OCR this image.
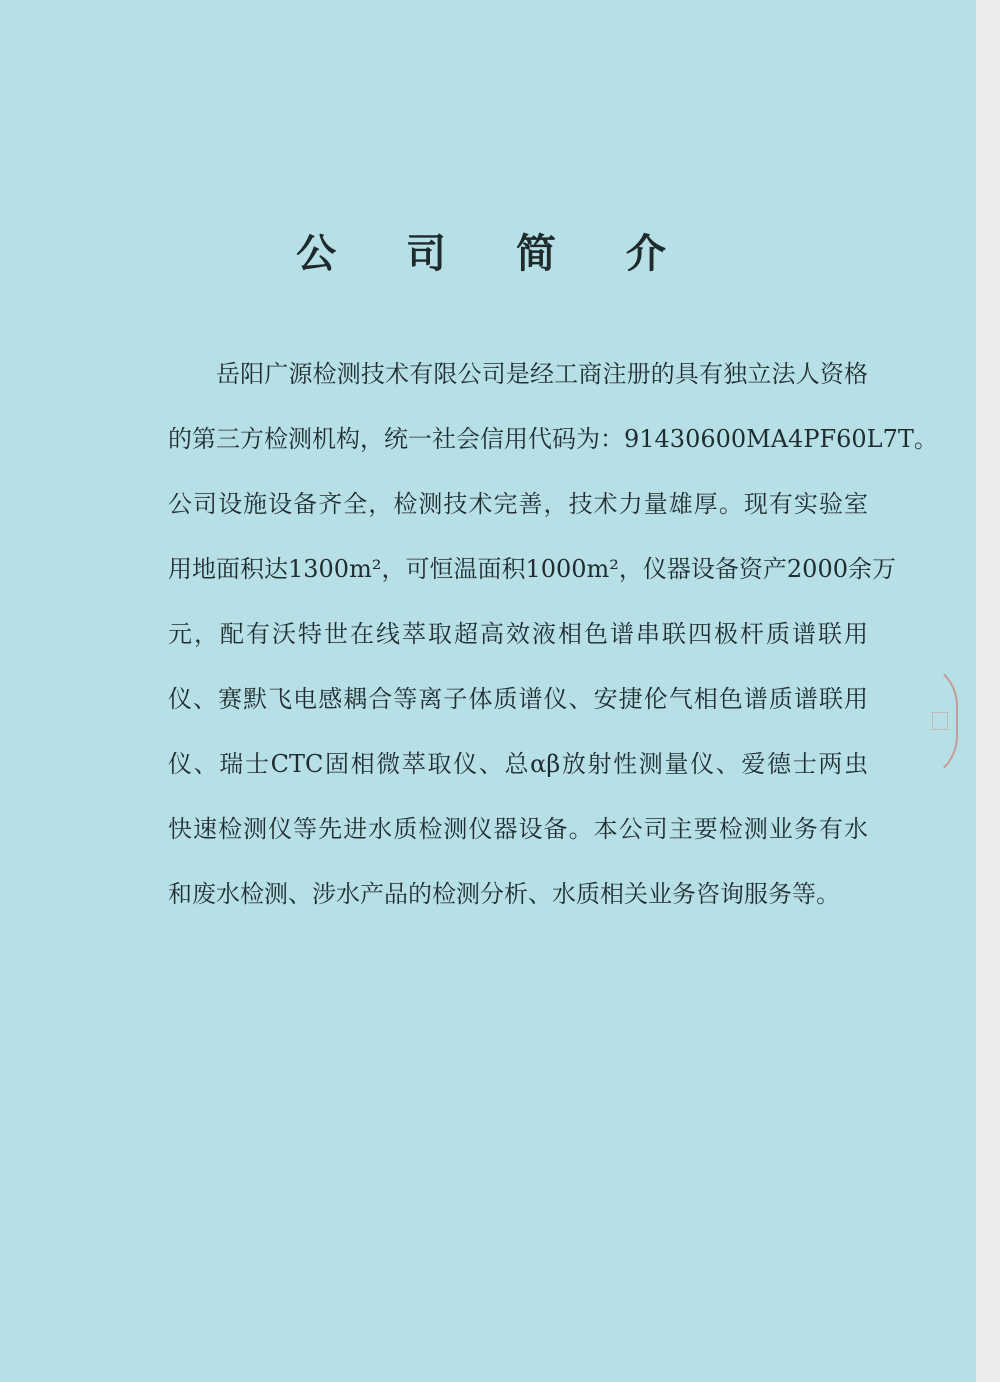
公 司 简 介
岳阳广源检测技术有限公司是经工商注册的具有独立法人资格
的第三方检测机构，统一社会信用代码为：91430600MA4PF60L7T。
公司设施设备齐全，检测技术完善，技术力量雄厚。现有实验室
用地面积达1300m²，可恒温面积1000m²，仪器设备资产2000余万
元，配有沃特世在线萃取超高效液相色谱串联四极杆质谱联用
仪、赛默飞电感耦合等离子体质谱仪、安捷伦气相色谱质谱联用
仪、瑞士CTC固相微萃取仪、总αβ放射性测量仪、爱德士两虫
快速检测仪等先进水质检测仪器设备。本公司主要检测业务有水
和废水检测、涉水产品的检测分析、水质相关业务咨询服务等。
